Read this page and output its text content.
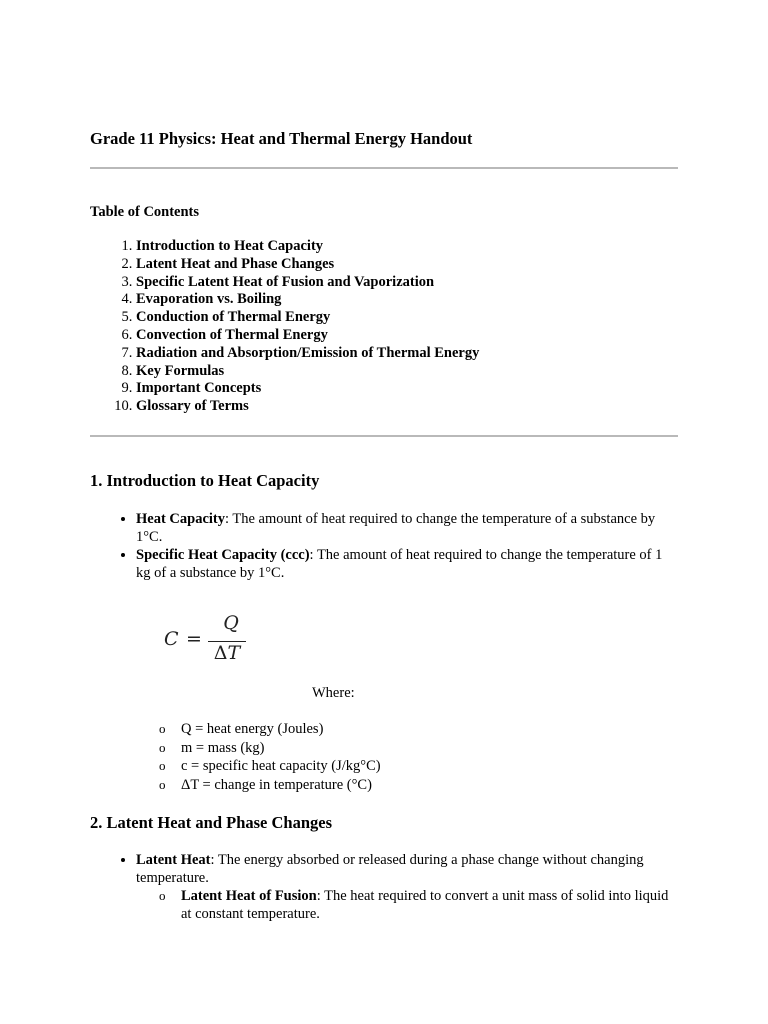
Grade 11 Physics: Heat and Thermal Energy Handout

Table of Contents

1. Introduction to Heat Capacity
2. Latent Heat and Phase Changes
3. Specific Latent Heat of Fusion and Vaporization
4. Evaporation vs. Boiling
5. Conduction of Thermal Energy
6. Convection of Thermal Energy
7. Radiation and Absorption/Emission of Thermal Energy
8. Key Formulas
9. Important Concepts
10. Glossary of Terms
1. Introduction to Heat Capacity
• Heat Capacity: The amount of heat required to change the temperature of a substance by 1°C.
• Specific Heat Capacity (ccc): The amount of heat required to change the temperature of 1 kg of a substance by 1°C.
C =
Q
ΔT

Where:

o Q = heat energy (Joules)
o m = mass (kg)
o c = specific heat capacity (J/kg°C)
o ΔT = change in temperature (°C)
2. Latent Heat and Phase Changes
• Latent Heat: The energy absorbed or released during a phase change without changing temperature.
o Latent Heat of Fusion: The heat required to convert a unit mass of solid into liquid at constant temperature.
